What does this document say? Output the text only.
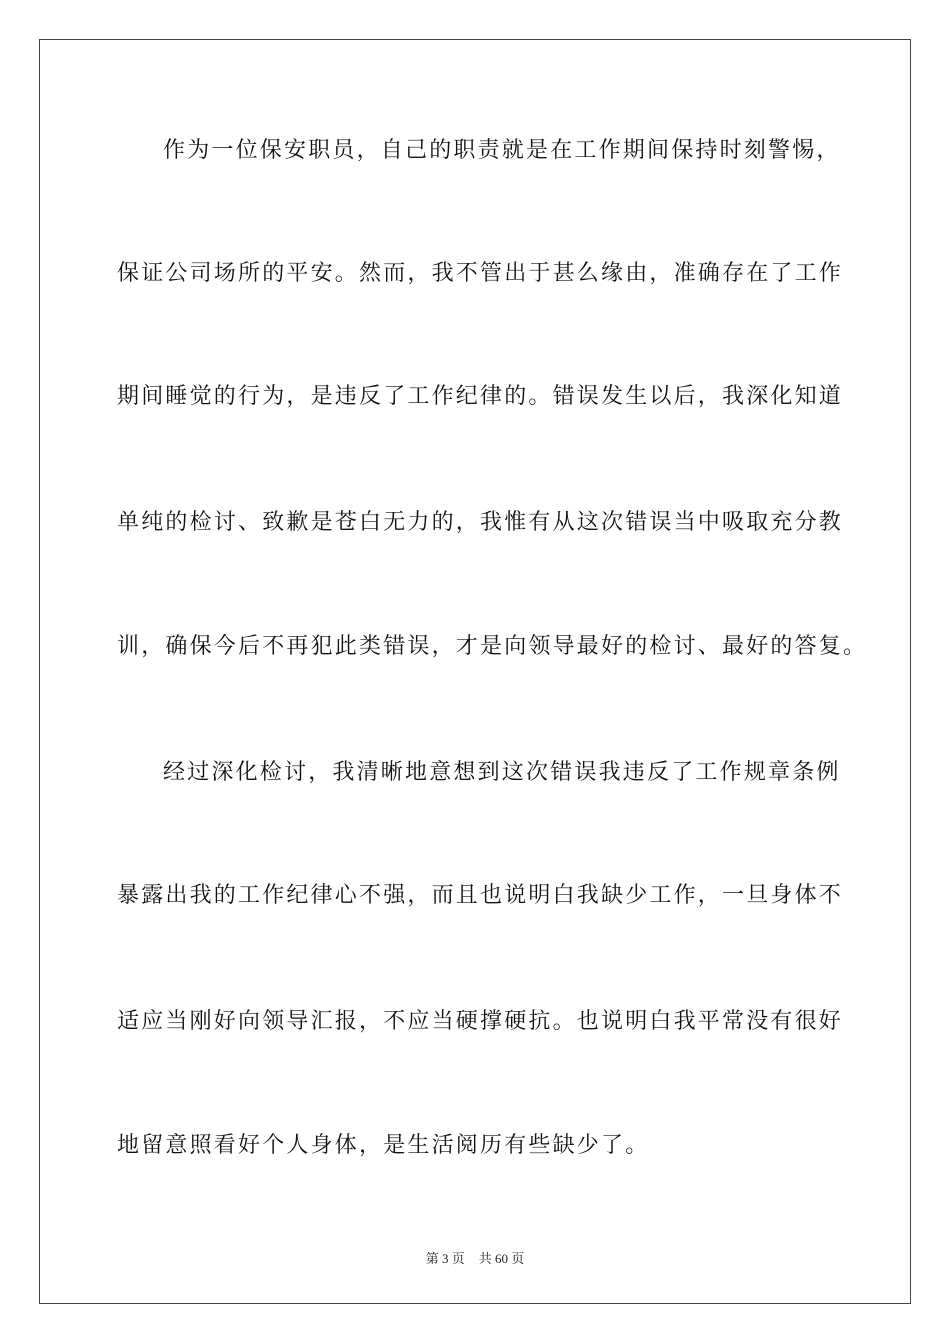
作为一位保安职员，自己的职责就是在工作期间保持时刻警惕，
保证公司场所的平安。然而，我不管出于甚么缘由，准确存在了工作
期间睡觉的行为，是违反了工作纪律的。错误发生以后，我深化知道
单纯的检讨、致歉是苍白无力的，我惟有从这次错误当中吸取充分教
训，确保今后不再犯此类错误，才是向领导最好的检讨、最好的答复。
经过深化检讨，我清晰地意想到这次错误我违反了工作规章条例
暴露出我的工作纪律心不强，而且也说明白我缺少工作，一旦身体不
适应当刚好向领导汇报，不应当硬撑硬抗。也说明白我平常没有很好
地留意照看好个人身体，是生活阅历有些缺少了。
第 3 页 共 60 页
